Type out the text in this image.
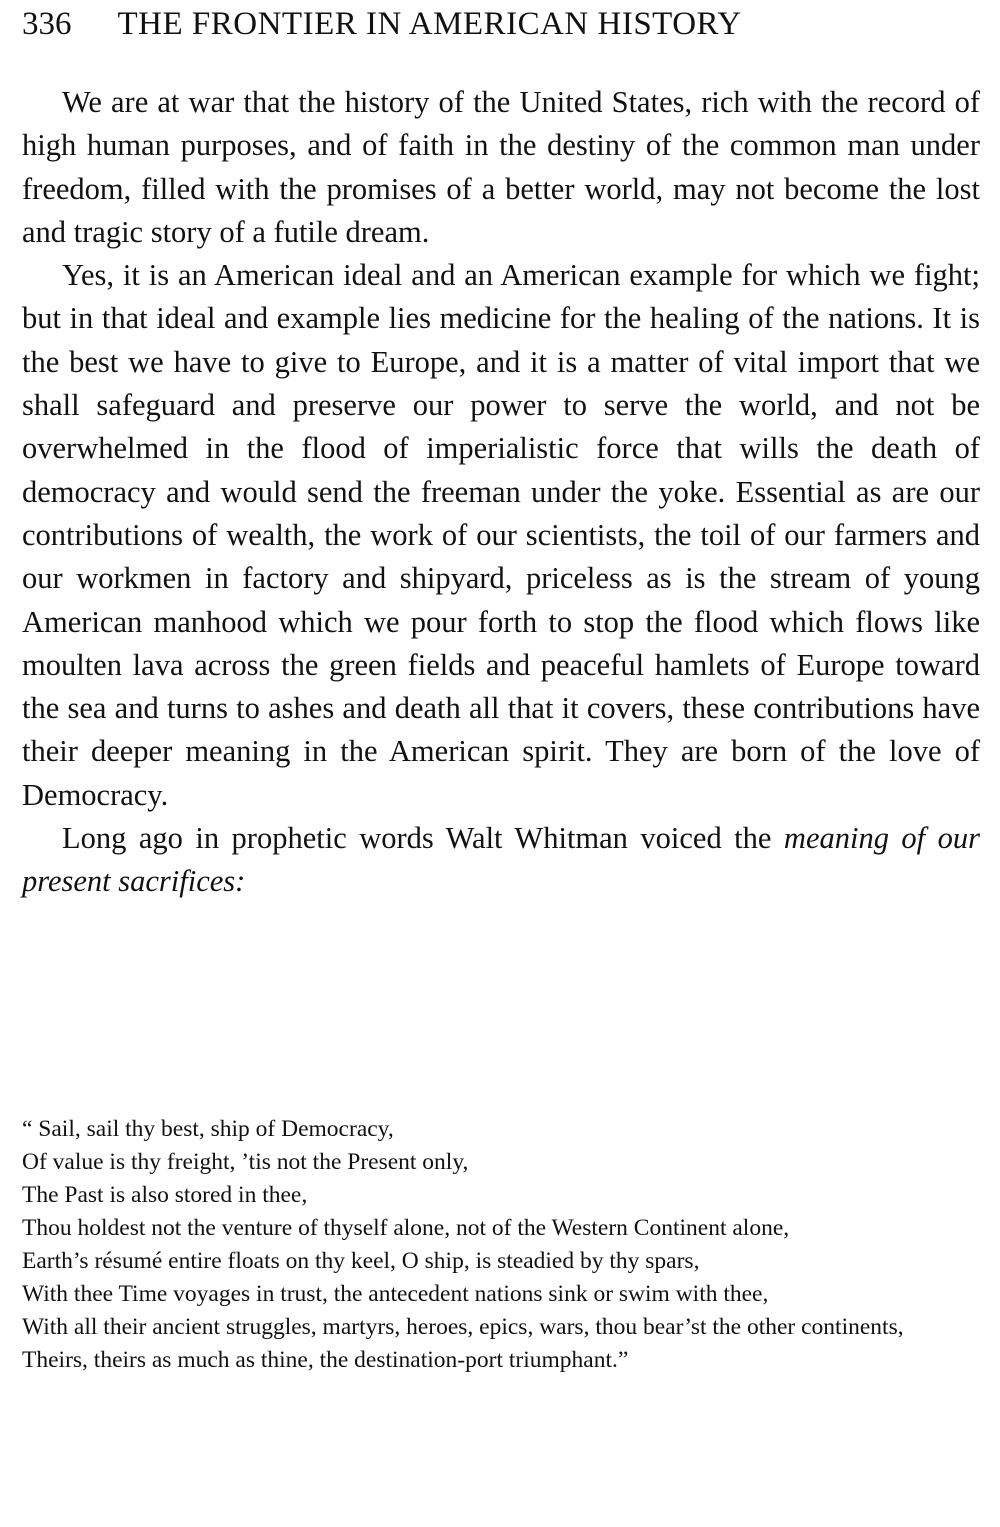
336 THE FRONTIER IN AMERICAN HISTORY

We are at war that the history of the United States, rich with the record of high human purposes, and of faith in the destiny of the common man under freedom, filled with the promises of a better world, may not become the lost and tragic story of a futile dream.

Yes, it is an American ideal and an American example for which we fight; but in that ideal and example lies medicine for the healing of the nations. It is the best we have to give to Europe, and it is a matter of vital import that we shall safeguard and preserve our power to serve the world, and not be overwhelmed in the flood of imperialistic force that wills the death of democracy and would send the freeman under the yoke. Essential as are our contributions of wealth, the work of our scientists, the toil of our farmers and our workmen in factory and shipyard, priceless as is the stream of young American manhood which we pour forth to stop the flood which flows like moulten lava across the green fields and peaceful hamlets of Europe toward the sea and turns to ashes and death all that it covers, these contributions have their deeper meaning in the American spirit. They are born of the love of Democracy.

Long ago in prophetic words Walt Whitman voiced the meaning of our present sacrifices:

“ Sail, sail thy best, ship of Democracy,
Of value is thy freight, ’tis not the Present only,
The Past is also stored in thee,
Thou holdest not the venture of thyself alone, not of the Western Continent alone,
Earth’s résumé entire floats on thy keel, O ship, is steadied by thy spars,
With thee Time voyages in trust, the antecedent nations sink or swim with thee,
With all their ancient struggles, martyrs, heroes, epics, wars, thou bear’st the other continents,
Theirs, theirs as much as thine, the destination-port triumphant.”
